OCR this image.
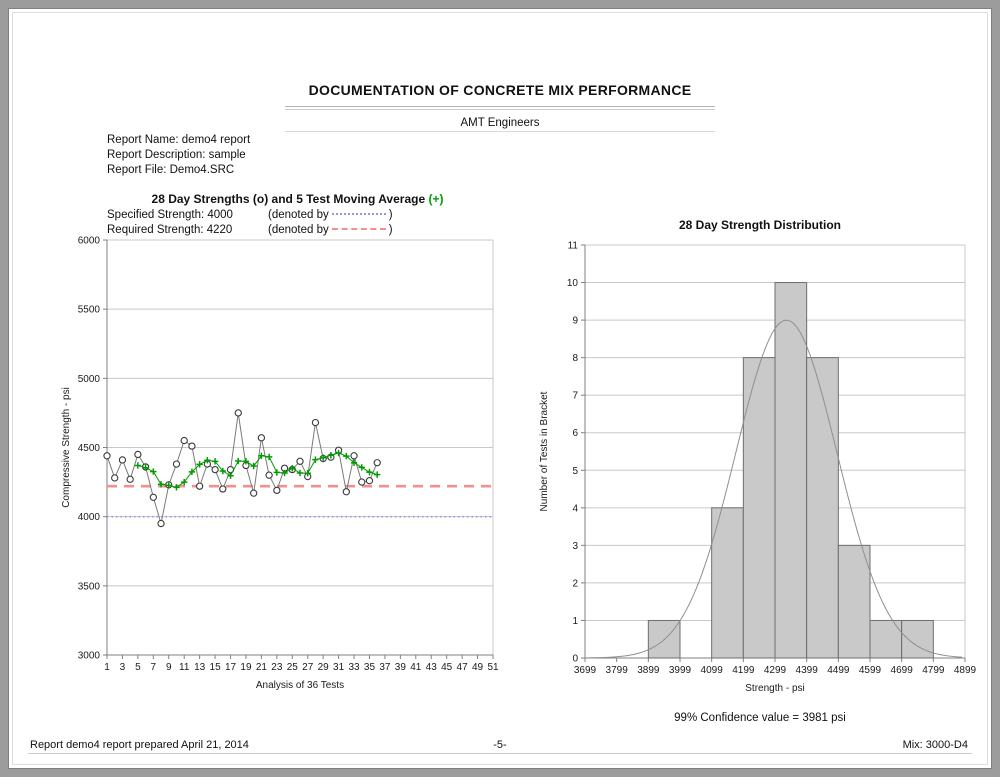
DOCUMENTATION OF CONCRETE MIX PERFORMANCE
AMT Engineers
Report Name: demo4 report
Report Description: sample
Report File: Demo4.SRC
28 Day Strengths (o) and 5 Test Moving Average (+)
Specified Strength: 4000	(denoted by	)
Required Strength: 4220	(denoted by	)
3000
3500
4000
4500
5000
5500
6000
1 3 5 7 9 11 13 15 17 19 21 23 25 27 29 31 33 35 37 39 41 43 45 47 49 51
Analysis of 36 Tests
Compressive Strength - psi
28 Day Strength Distribution
0
1
2
3
4
5
6
7
8
9
10
11
3699 3799 3899 3999 4099 4199 4299 4399 4499 4599 4699 4799 4899
Strength - psi
Number of Tests in Bracket
99% Confidence value = 3981 psi
Report demo4 report prepared April 21, 2014	-5-	Mix: 3000-D4
